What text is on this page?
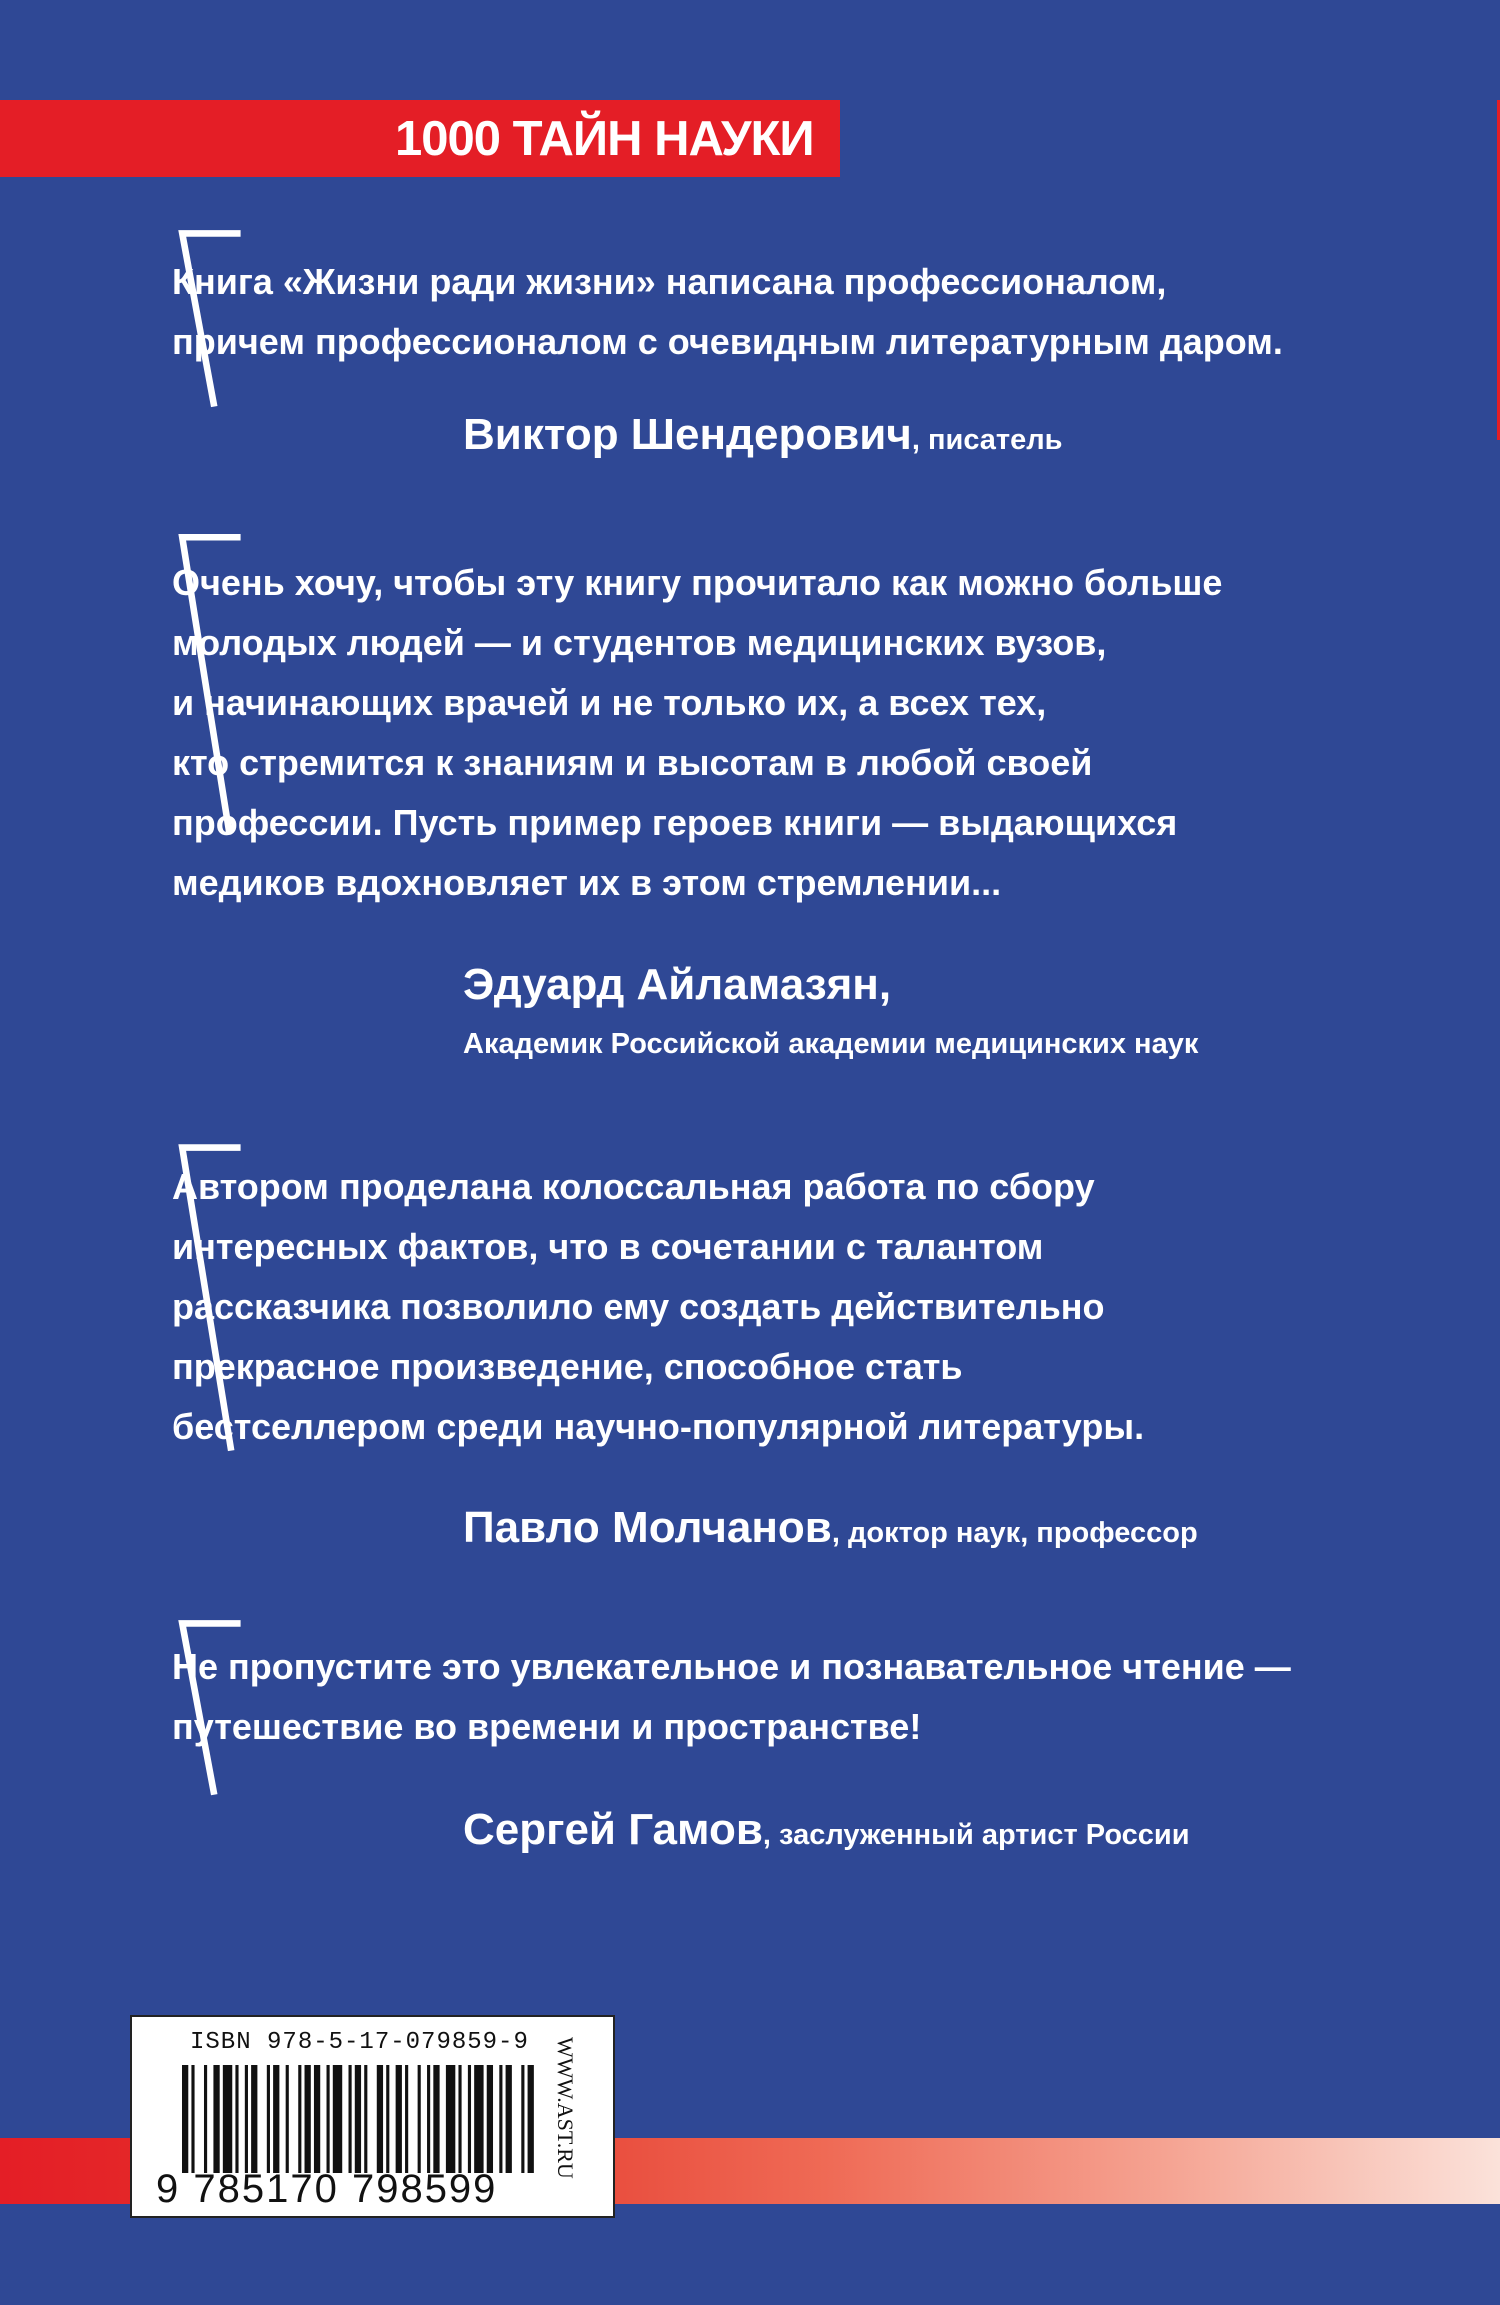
1000 ТАЙН НАУКИ
Книга «Жизни ради жизни» написана профессионалом,
причем профессионалом с очевидным литературным даром.
Виктор Шендерович, писатель
Очень хочу, чтобы эту книгу прочитало как можно больше
молодых людей — и студентов медицинских вузов,
и начинающих врачей и не только их, а всех тех,
кто стремится к знаниям и высотам в любой своей
профессии. Пусть пример героев книги — выдающихся
медиков вдохновляет их в этом стремлении...
Эдуард Айламазян,
Академик Российской академии медицинских наук
Автором проделана колоссальная работа по сбору
интересных фактов, что в сочетании с талантом
рассказчика позволило ему создать действительно
прекрасное произведение, способное стать
бестселлером среди научно-популярной литературы.
Павло Молчанов, доктор наук, профессор
Не пропустите это увлекательное и познавательное чтение —
путешествие во времени и пространстве!
Сергей Гамов, заслуженный артист России
ISBN 978-5-17-079859-9
9 785170 798599
WWW.AST.RU
